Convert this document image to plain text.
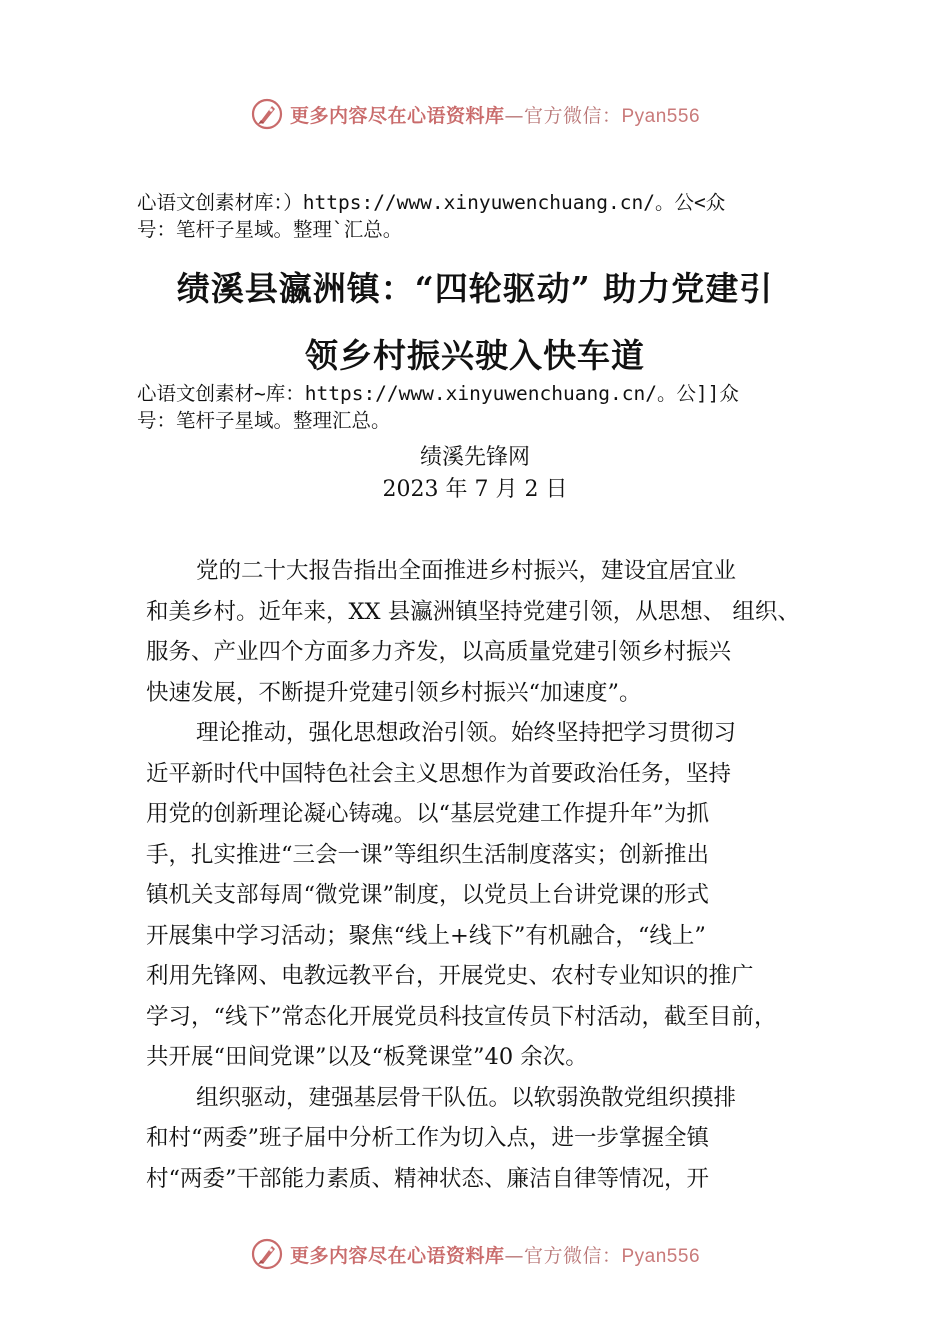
更多内容尽在心语资料库—官方微信：Pyan556
心语文创素材库：）https://www.xinyuwenchuang.cn/。公<众
号：笔杆子星域。整理`汇总。
绩溪县瀛洲镇：“四轮驱动” 助力党建引
领乡村振兴驶入快车道
心语文创素材~库：https://www.xinyuwenchuang.cn/。公]]众
号：笔杆子星域。整理汇总。
绩溪先锋网
2023 年 7 月 2 日
党的二十大报告指出全面推进乡村振兴，建设宜居宜业
和美乡村。近年来，XX 县瀛洲镇坚持党建引领，从思想、 组织、
服务、产业四个方面多力齐发，以高质量党建引领乡村振兴
快速发展，不断提升党建引领乡村振兴“加速度”。
理论推动，强化思想政治引领。始终坚持把学习贯彻习
近平新时代中国特色社会主义思想作为首要政治任务，坚持
用党的创新理论凝心铸魂。以“基层党建工作提升年”为抓
手，扎实推进“三会一课”等组织生活制度落实；创新推出
镇机关支部每周“微党课”制度，以党员上台讲党课的形式
开展集中学习活动；聚焦“线上+线下”有机融合，“线上”
利用先锋网、电教远教平台，开展党史、农村专业知识的推广
学习，“线下”常态化开展党员科技宣传员下村活动，截至目前，
共开展“田间党课”以及“板凳课堂”40 余次。
组织驱动，建强基层骨干队伍。以软弱涣散党组织摸排
和村“两委”班子届中分析工作为切入点，进一步掌握全镇
村“两委”干部能力素质、精神状态、廉洁自律等情况，开
更多内容尽在心语资料库—官方微信：Pyan556
